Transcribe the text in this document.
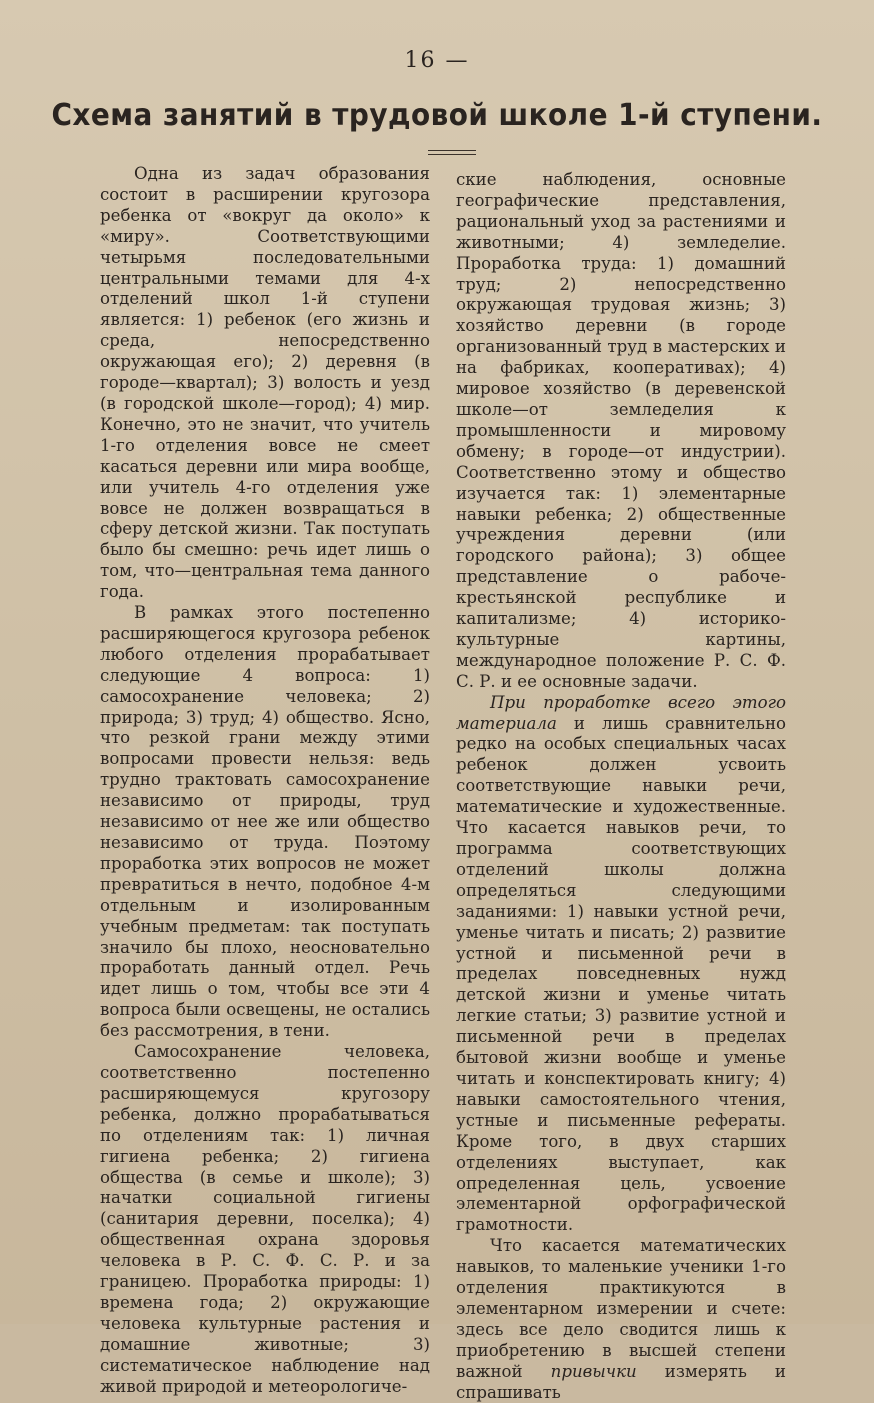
16 —
Схема занятий в трудовой школе 1-й ступени.

Одна из задач образования состоит в расширении кругозора ребенка от «вокруг да около» к «миру». Соответствующими четырьмя последовательными центральными темами для 4-х отделений школ 1-й ступени является: 1) ребенок (его жизнь и среда, непосредственно окружающая его); 2) деревня (в городе—квартал); 3) волость и уезд (в городской школе—город); 4) мир. Конечно, это не значит, что учитель 1-го отделения вовсе не смеет касаться деревни или мира вообще, или учитель 4-го отделения уже вовсе не должен возвращаться в сферу детской жизни. Так поступать было бы смешно: речь идет лишь о том, что—центральная тема данного года.

В рамках этого постепенно расширяющегося кругозора ребенок любого отделения прорабатывает следующие 4 вопроса: 1) самосохранение человека; 2) природа; 3) труд; 4) общество. Ясно, что резкой грани между этими вопросами провести нельзя: ведь трудно трактовать самосохранение независимо от природы, труд независимо от нее же или общество независимо от труда. Поэтому проработка этих вопросов не может превратиться в нечто, подобное 4-м отдельным и изолированным учебным предметам: так поступать значило бы плохо, неосновательно проработать данный отдел. Речь идет лишь о том, чтобы все эти 4 вопроса были освещены, не остались без рассмотрения, в тени.

Самосохранение человека, соответственно постепенно расширяющемуся кругозору ребенка, должно прорабатываться по отделениям так: 1) личная гигиена ребенка; 2) гигиена общества (в семье и школе); 3) начатки социальной гигиены (санитария деревни, поселка); 4) общественная охрана здоровья человека в Р. С. Ф. С. Р. и за границею. Проработка природы: 1) времена года; 2) окружающие человека культурные растения и домашние животные; 3) систематическое наблюдение над живой природой и метеорологиче-

ские наблюдения, основные географические представления, рациональный уход за растениями и животными; 4) земледелие. Проработка труда: 1) домашний труд; 2) непосредственно окружающая трудовая жизнь; 3) хозяйство деревни (в городе организованный труд в мастерских и на фабриках, кооперативах); 4) мировое хозяйство (в деревенской школе—от земледелия к промышленности и мировому обмену; в городе—от индустрии). Соответственно этому и общество изучается так: 1) элементарные навыки ребенка; 2) общественные учреждения деревни (или городского района); 3) общее представление о рабоче-крестьянской республике и капитализме; 4) историко-культурные картины, международное положение Р. С. Ф. С. Р. и ее основные задачи.

При проработке всего этого материала и лишь сравнительно редко на особых специальных часах ребенок должен усвоить соответствующие навыки речи, математические и художественные. Что касается навыков речи, то программа соответствующих отделений школы должна определяться следующими заданиями: 1) навыки устной речи, уменье читать и писать; 2) развитие устной и письменной речи в пределах повседневных нужд детской жизни и уменье читать легкие статьи; 3) развитие устной и письменной речи в пределах бытовой жизни вообще и уменье читать и конспектировать книгу; 4) навыки самостоятельного чтения, устные и письменные рефераты. Кроме того, в двух старших отделениях выступает, как определенная цель, усвоение элементарной орфографической грамотности.

Что касается математических навыков, то маленькие ученики 1-го отделения практикуются в элементарном измерении и счете: здесь все дело сводится лишь к приобретению в высшей степени важной привычки измерять и спрашивать
